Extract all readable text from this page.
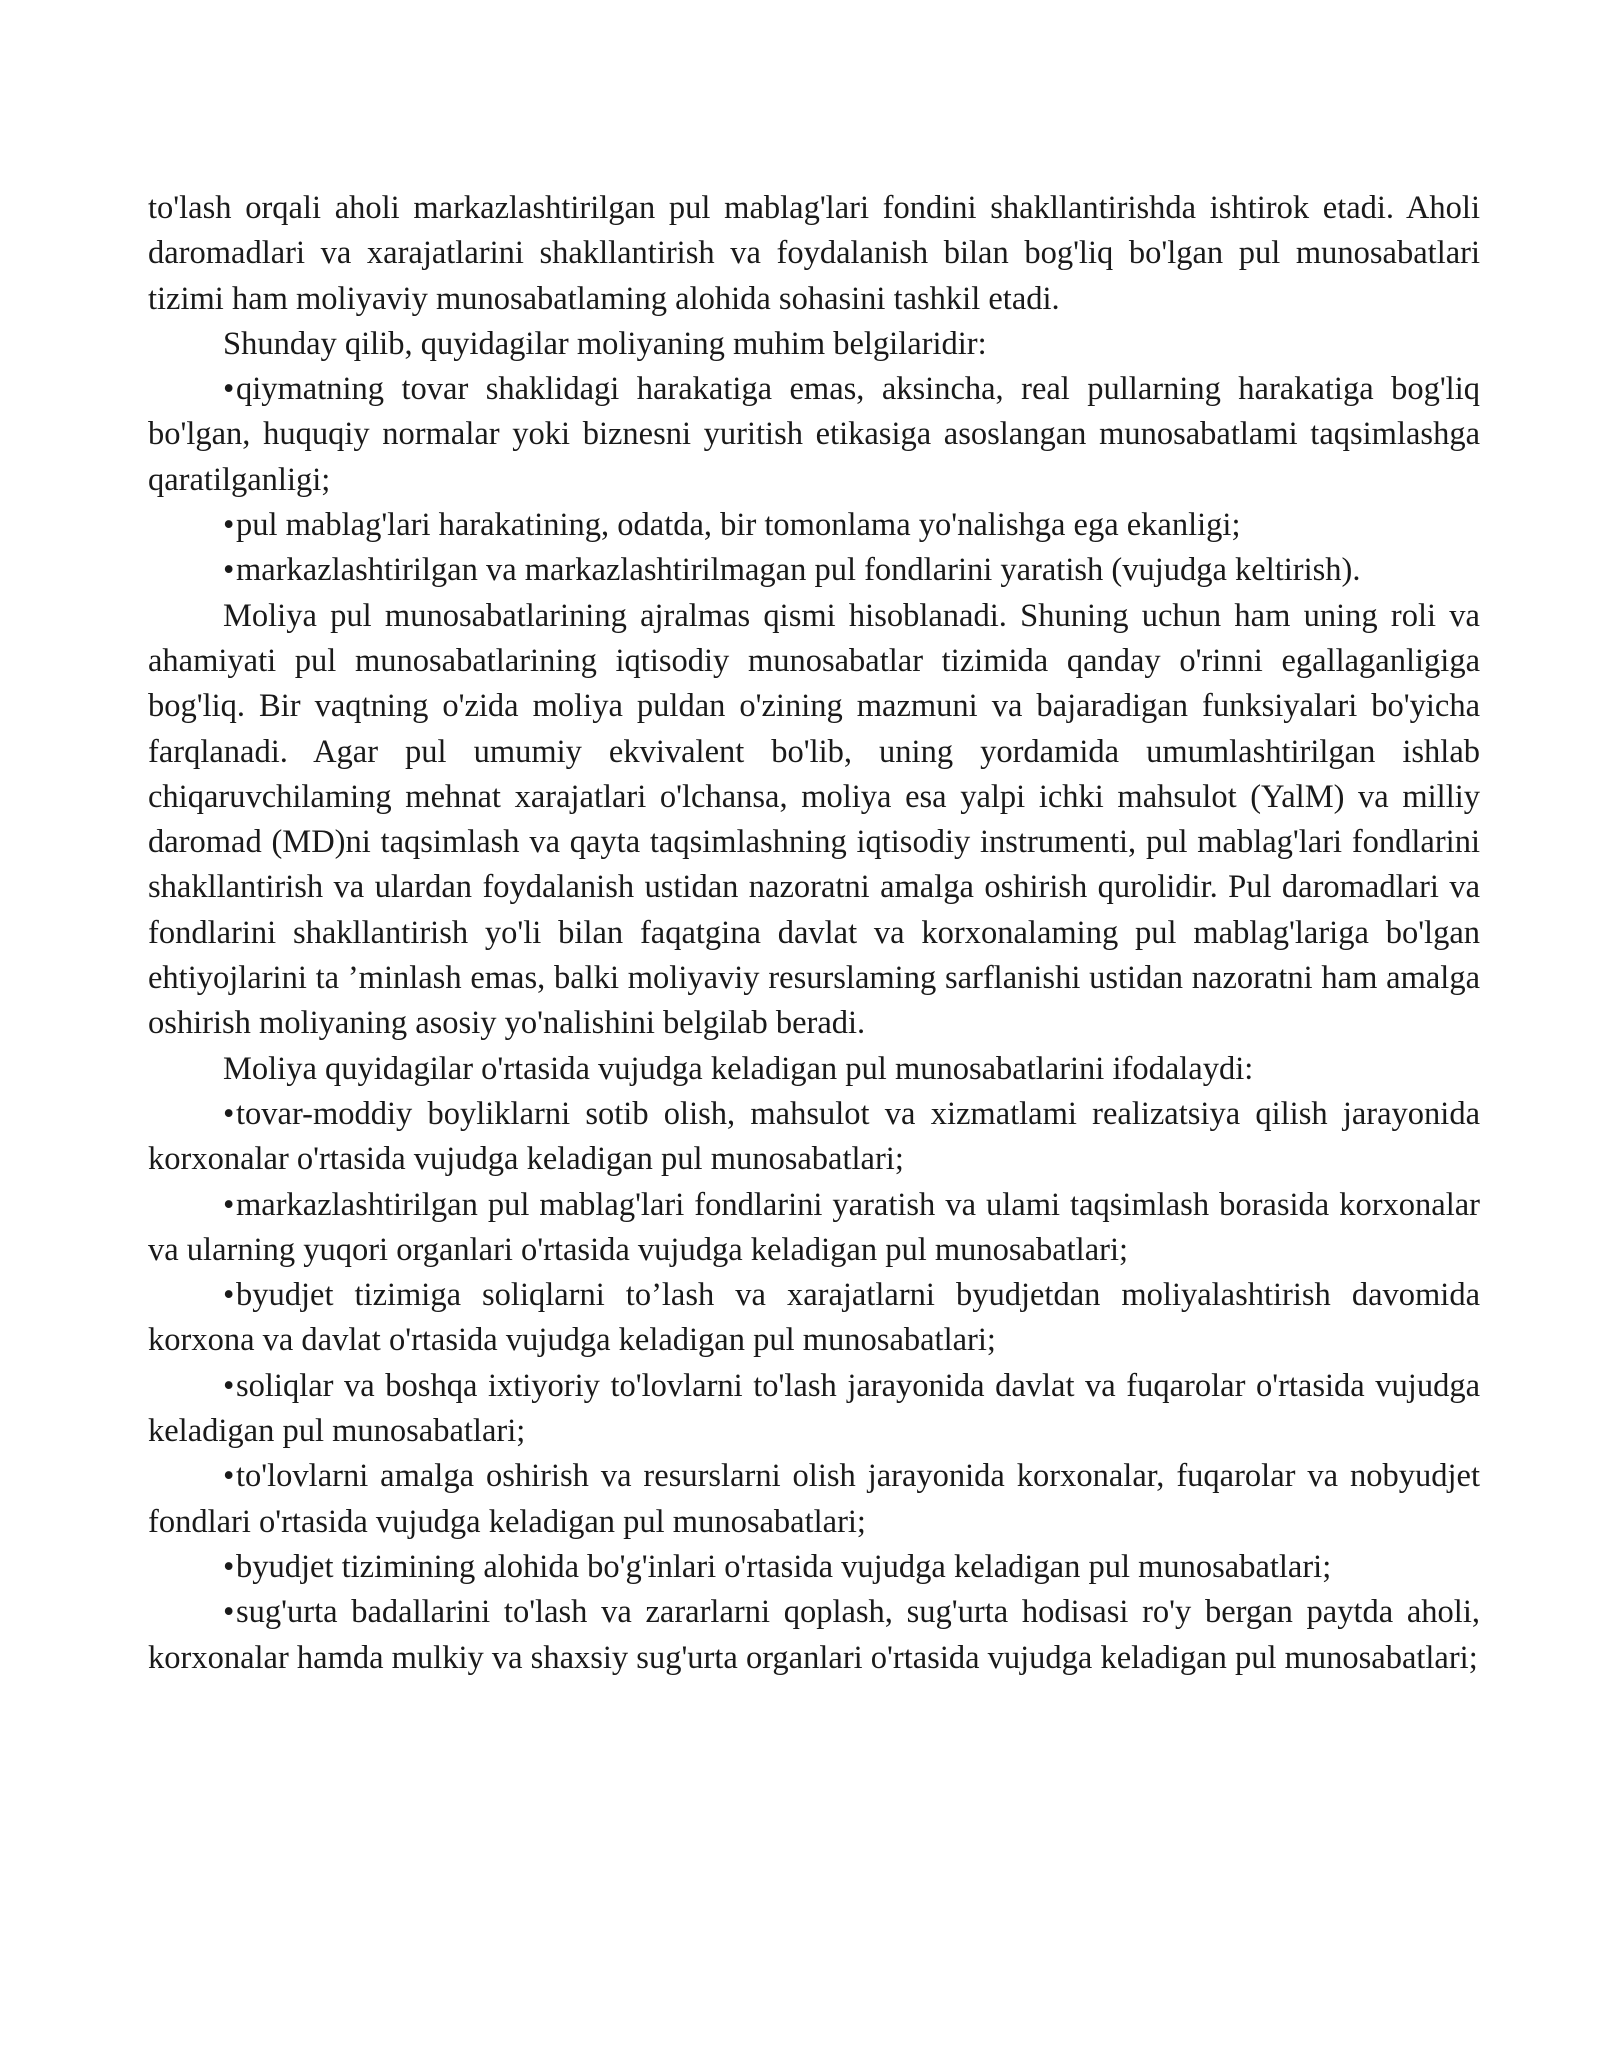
to'lash orqali aholi markazlashtirilgan pul mablag'lari fondini shakllantirishda ishtirok etadi. Aholi daromadlari va xarajatlarini shakllantirish va foydalanish bilan bog'liq bo'lgan pul munosabatlari tizimi ham moliyaviy munosabatlaming alohida sohasini tashkil etadi.

Shunday qilib, quyidagilar moliyaning muhim belgilaridir:

•qiymatning tovar shaklidagi harakatiga emas, aksincha, real pullarning harakatiga bog'liq bo'lgan, huquqiy normalar yoki biznesni yuritish etikasiga asoslangan munosabatlami taqsimlashga qaratilganligi;

•pul mablag'lari harakatining, odatda, bir tomonlama yo'nalishga ega ekanligi;

•markazlashtirilgan va markazlashtirilmagan pul fondlarini yaratish (vujudga keltirish).

Moliya pul munosabatlarining ajralmas qismi hisoblanadi. Shuning uchun ham uning roli va ahamiyati pul munosabatlarining iqtisodiy munosabatlar tizimida qanday o'rinni egallaganligiga bog'liq. Bir vaqtning o'zida moliya puldan o'zining mazmuni va bajaradigan funksiyalari bo'yicha farqlanadi. Agar pul umumiy ekvivalent bo'lib, uning yordamida umumlashtirilgan ishlab chiqaruvchilaming mehnat xarajatlari o'lchansa, moliya esa yalpi ichki mahsulot (YalM) va milliy daromad (MD)ni taqsimlash va qayta taqsimlashning iqtisodiy instrumenti, pul mablag'lari fondlarini shakllantirish va ulardan foydalanish ustidan nazoratni amalga oshirish qurolidir. Pul daromadlari va fondlarini shakllantirish yo'li bilan faqatgina davlat va korxonalaming pul mablag'lariga bo'lgan ehtiyojlarini ta ’minlash emas, balki moliyaviy resurslaming sarflanishi ustidan nazoratni ham amalga oshirish moliyaning asosiy yo'nalishini belgilab beradi.

Moliya quyidagilar o'rtasida vujudga keladigan pul munosabatlarini ifodalaydi:

•tovar-moddiy boyliklarni sotib olish, mahsulot va xizmatlami realizatsiya qilish jarayonida korxonalar o'rtasida vujudga keladigan pul munosabatlari;

•markazlashtirilgan pul mablag'lari fondlarini yaratish va ulami taqsimlash borasida korxonalar va ularning yuqori organlari o'rtasida vujudga keladigan pul munosabatlari;

•byudjet tizimiga soliqlarni to’lash va xarajatlarni byudjetdan moliyalashtirish davomida korxona va davlat o'rtasida vujudga keladigan pul munosabatlari;

•soliqlar va boshqa ixtiyoriy to'lovlarni to'lash jarayonida davlat va fuqarolar o'rtasida vujudga keladigan pul munosabatlari;

•to'lovlarni amalga oshirish va resurslarni olish jarayonida korxonalar, fuqarolar va nobyudjet fondlari o'rtasida vujudga keladigan pul munosabatlari;

•byudjet tizimining alohida bo'g'inlari o'rtasida vujudga keladigan pul munosabatlari;

•sug'urta badallarini to'lash va zararlarni qoplash, sug'urta hodisasi ro'y bergan paytda aholi, korxonalar hamda mulkiy va shaxsiy sug'urta organlari o'rtasida vujudga keladigan pul munosabatlari;
